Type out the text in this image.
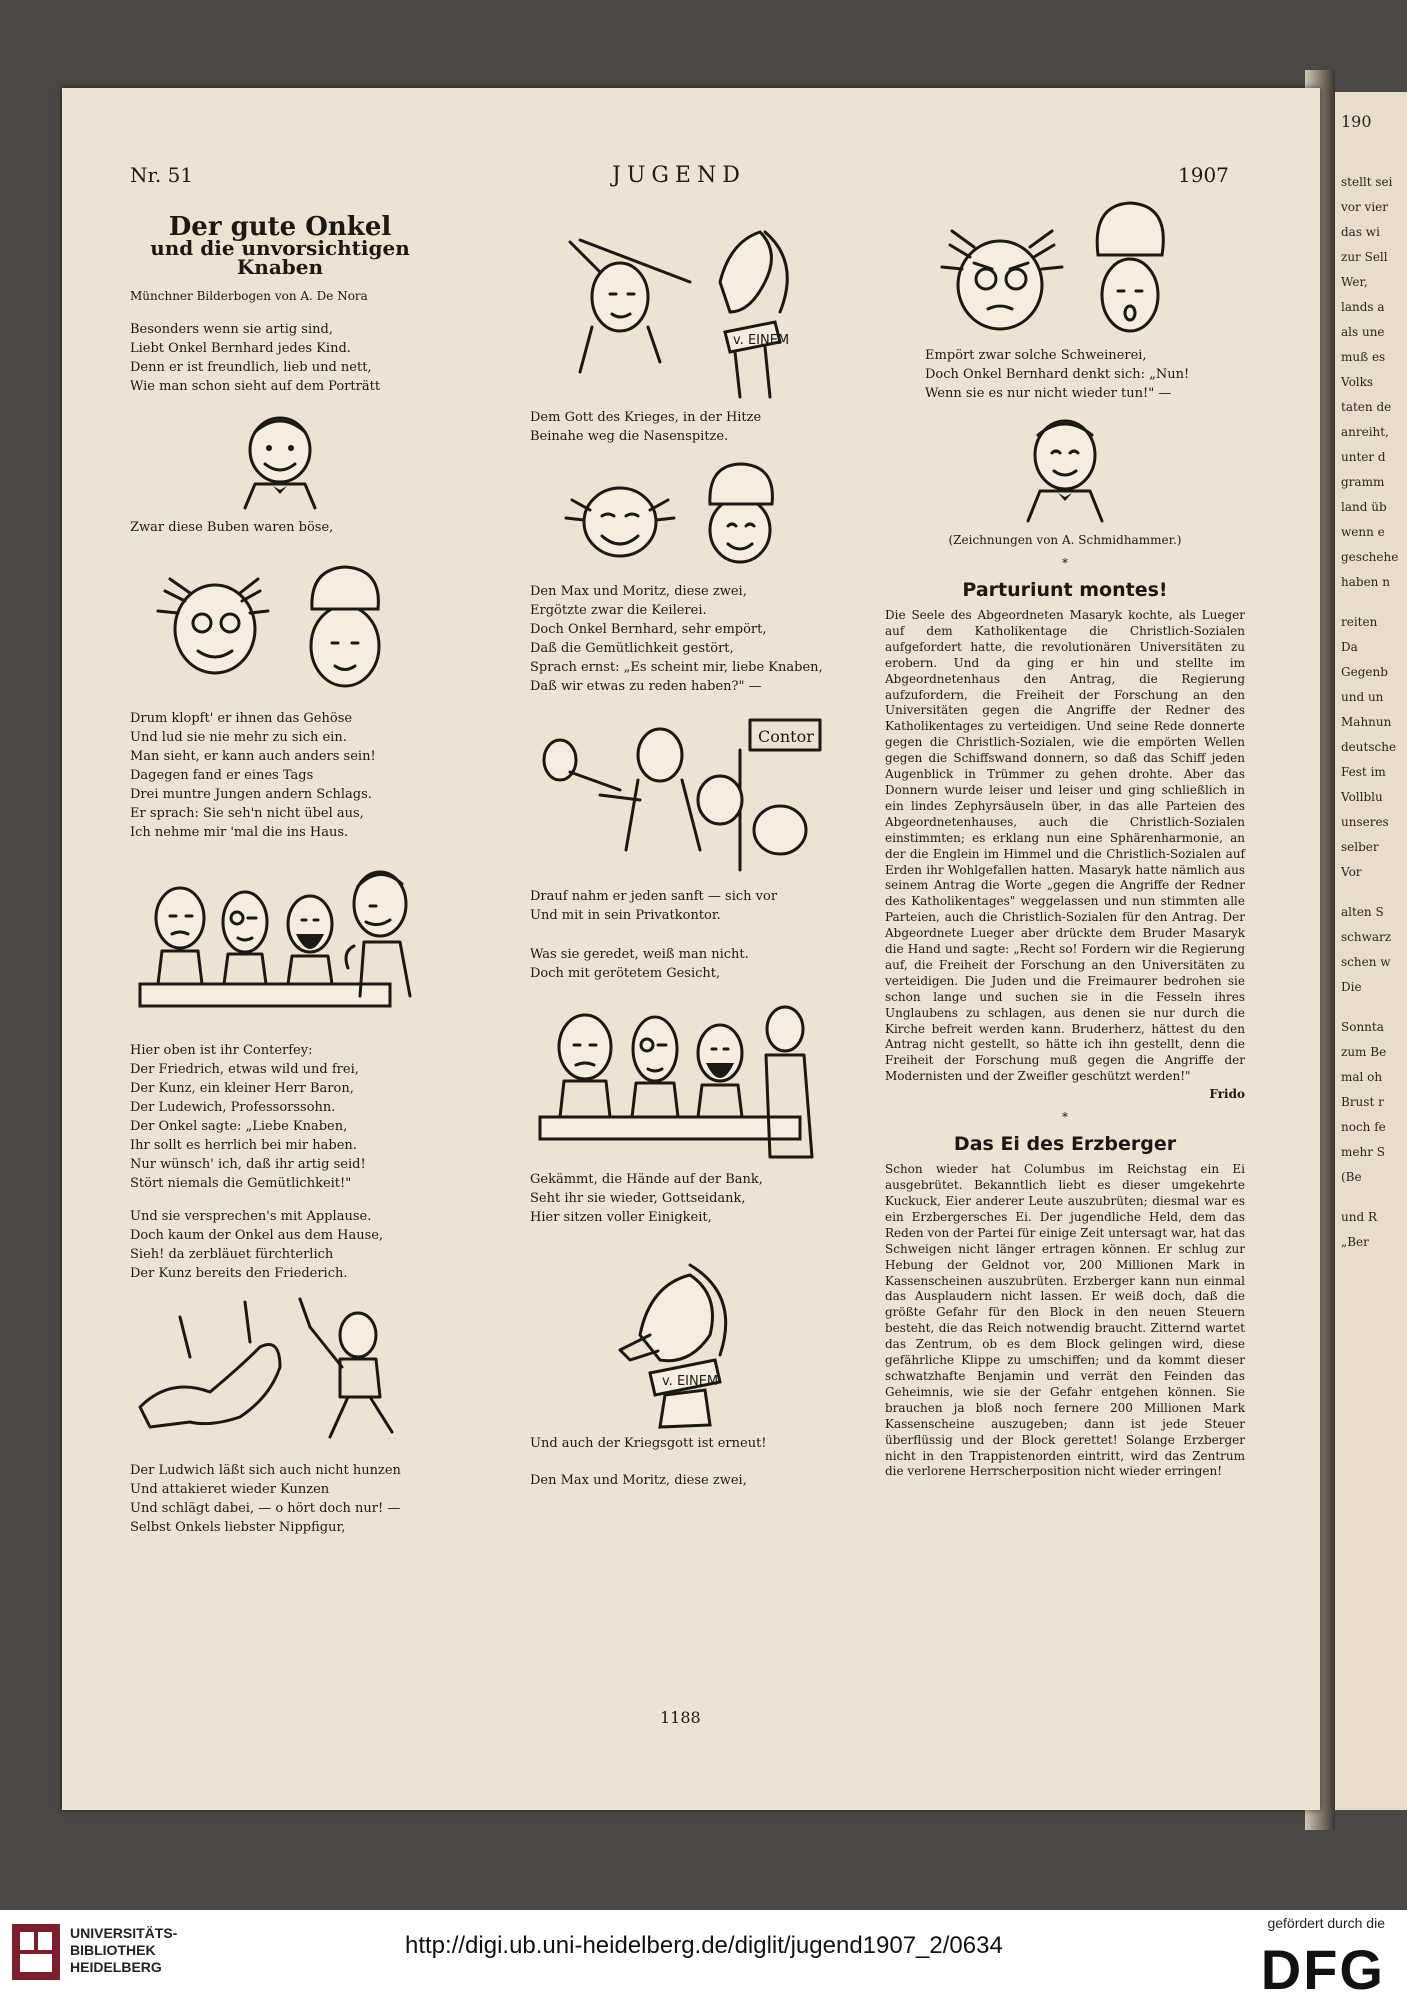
190
stellt sei
vor vier
das wi
zur Sell
Wer,
lands a
als une
muß es
Volks
taten de
anreiht,
unter d
gramm
land üb
wenn e
geschehe
haben n
reiten
Da
Gegenb
und un
Mahnun
deutsche
Fest im
Vollblu
unseres
selber
Vor
alten S
schwarz
schen w
Die
Sonnta
zum Be
mal oh
Brust r
noch fe
mehr S
(Be
und R
„Ber
Nr. 51	JUGEND	1907
Der gute Onkel
und die unvorsichtigen Knaben
Münchner Bilderbogen von A. De Nora

Besonders wenn sie artig sind,

Liebt Onkel Bernhard jedes Kind.

Denn er ist freundlich, lieb und nett,

Wie man schon sieht auf dem Porträtt

Zwar diese Buben waren böse,

Drum klopft' er ihnen das Gehöse

Und lud sie nie mehr zu sich ein.

Man sieht, er kann auch anders sein!

Dagegen fand er eines Tags

Drei muntre Jungen andern Schlags.

Er sprach: Sie seh'n nicht übel aus,

Ich nehme mir 'mal die ins Haus.

Hier oben ist ihr Conterfey:

Der Friedrich, etwas wild und frei,

Der Kunz, ein kleiner Herr Baron,

Der Ludewich, Professorssohn.

Der Onkel sagte: „Liebe Knaben,

Ihr sollt es herrlich bei mir haben.

Nur wünsch' ich, daß ihr artig seid!

Stört niemals die Gemütlichkeit!"

Und sie versprechen's mit Applause.

Doch kaum der Onkel aus dem Hause,

Sieh! da zerbläuet fürchterlich

Der Kunz bereits den Friederich.

Der Ludwich läßt sich auch nicht hunzen

Und attakieret wieder Kunzen

Und schlägt dabei, — o hört doch nur! —

Selbst Onkels liebster Nippfigur,

v. EINEM

Dem Gott des Krieges, in der Hitze

Beinahe weg die Nasenspitze.

Den Max und Moritz, diese zwei,

Ergötzte zwar die Keilerei.

Doch Onkel Bernhard, sehr empört,

Daß die Gemütlichkeit gestört,

Sprach ernst: „Es scheint mir, liebe Knaben,

Daß wir etwas zu reden haben?" —

Contor

Drauf nahm er jeden sanft — sich vor

Und mit in sein Privatkontor.

Was sie geredet, weiß man nicht.

Doch mit gerötetem Gesicht,

Gekämmt, die Hände auf der Bank,

Seht ihr sie wieder, Gottseidank,

Hier sitzen voller Einigkeit,

v. EINEM

Und auch der Kriegsgott ist erneut!

Den Max und Moritz, diese zwei,

Empört zwar solche Schweinerei,

Doch Onkel Bernhard denkt sich: „Nun!

Wenn sie es nur nicht wieder tun!" —

(Zeichnungen von A. Schmidhammer.)
*
Parturiunt montes!

Die Seele des Abgeordneten Masaryk kochte, als Lueger auf dem Katholikentage die Christlich-Sozialen aufgefordert hatte, die revolutionären Universitäten zu erobern. Und da ging er hin und stellte im Abgeordnetenhaus den Antrag, die Regierung aufzufordern, die Freiheit der Forschung an den Universitäten gegen die Angriffe der Redner des Katholikentages zu verteidigen. Und seine Rede donnerte gegen die Christlich-Sozialen, wie die empörten Wellen gegen die Schiffswand donnern, so daß das Schiff jeden Augenblick in Trümmer zu gehen drohte. Aber das Donnern wurde leiser und leiser und ging schließlich in ein lindes Zephyrsäuseln über, in das alle Parteien des Abgeordnetenhauses, auch die Christlich-Sozialen einstimmten; es erklang nun eine Sphärenharmonie, an der die Englein im Himmel und die Christlich-Sozialen auf Erden ihr Wohlgefallen hatten. Masaryk hatte nämlich aus seinem Antrag die Worte „gegen die Angriffe der Redner des Katholikentages" weggelassen und nun stimmten alle Parteien, auch die Christlich-Sozialen für den Antrag. Der Abgeordnete Lueger aber drückte dem Bruder Masaryk die Hand und sagte: „Recht so! Fordern wir die Regierung auf, die Freiheit der Forschung an den Universitäten zu verteidigen. Die Juden und die Freimaurer bedrohen sie schon lange und suchen sie in die Fesseln ihres Unglaubens zu schlagen, aus denen sie nur durch die Kirche befreit werden kann. Bruderherz, hättest du den Antrag nicht gestellt, so hätte ich ihn gestellt, denn die Freiheit der Forschung muß gegen die Angriffe der Modernisten und der Zweifler geschützt werden!"

Frido
*
Das Ei des Erzberger

Schon wieder hat Columbus im Reichstag ein Ei ausgebrütet. Bekanntlich liebt es dieser umgekehrte Kuckuck, Eier anderer Leute auszubrüten; diesmal war es ein Erzbergersches Ei. Der jugendliche Held, dem das Reden von der Partei für einige Zeit untersagt war, hat das Schweigen nicht länger ertragen können. Er schlug zur Hebung der Geldnot vor, 200 Millionen Mark in Kassenscheinen auszubrüten. Erzberger kann nun einmal das Ausplaudern nicht lassen. Er weiß doch, daß die größte Gefahr für den Block in den neuen Steuern besteht, die das Reich notwendig braucht. Zitternd wartet das Zentrum, ob es dem Block gelingen wird, diese gefährliche Klippe zu umschiffen; und da kommt dieser schwatzhafte Benjamin und verrät den Feinden das Geheimnis, wie sie der Gefahr entgehen können. Sie brauchen ja bloß noch fernere 200 Millionen Mark Kassenscheine auszugeben; dann ist jede Steuer überflüssig und der Block gerettet! Solange Erzberger nicht in den Trappistenorden eintritt, wird das Zentrum die verlorene Herrscherposition nicht wieder erringen!

1188
UNIVERSITÄTS-
BIBLIOTHEK
HEIDELBERG
http://digi.ub.uni-heidelberg.de/diglit/jugend1907_2/0634
gefördert durch die
DFG
